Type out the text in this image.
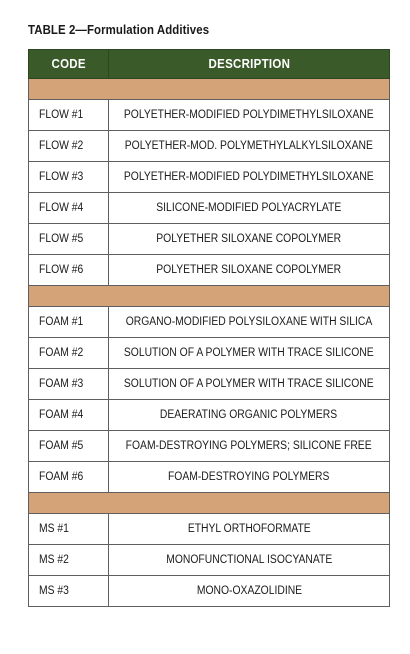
TABLE 2—Formulation Additives
CODE	DESCRIPTION

FLOW #1	POLYETHER-MODIFIED POLYDIMETHYLSILOXANE
FLOW #2	POLYETHER-MOD. POLYMETHYLALKYLSILOXANE
FLOW #3	POLYETHER-MODIFIED POLYDIMETHYLSILOXANE
FLOW #4	SILICONE-MODIFIED POLYACRYLATE
FLOW #5	POLYETHER SILOXANE COPOLYMER
FLOW #6	POLYETHER SILOXANE COPOLYMER

FOAM #1	ORGANO-MODIFIED POLYSILOXANE WITH SILICA
FOAM #2	SOLUTION OF A POLYMER WITH TRACE SILICONE
FOAM #3	SOLUTION OF A POLYMER WITH TRACE SILICONE
FOAM #4	DEAERATING ORGANIC POLYMERS
FOAM #5	FOAM-DESTROYING POLYMERS; SILICONE FREE
FOAM #6	FOAM-DESTROYING POLYMERS

MS #1	ETHYL ORTHOFORMATE
MS #2	MONOFUNCTIONAL ISOCYANATE
MS #3	MONO-OXAZOLIDINE
